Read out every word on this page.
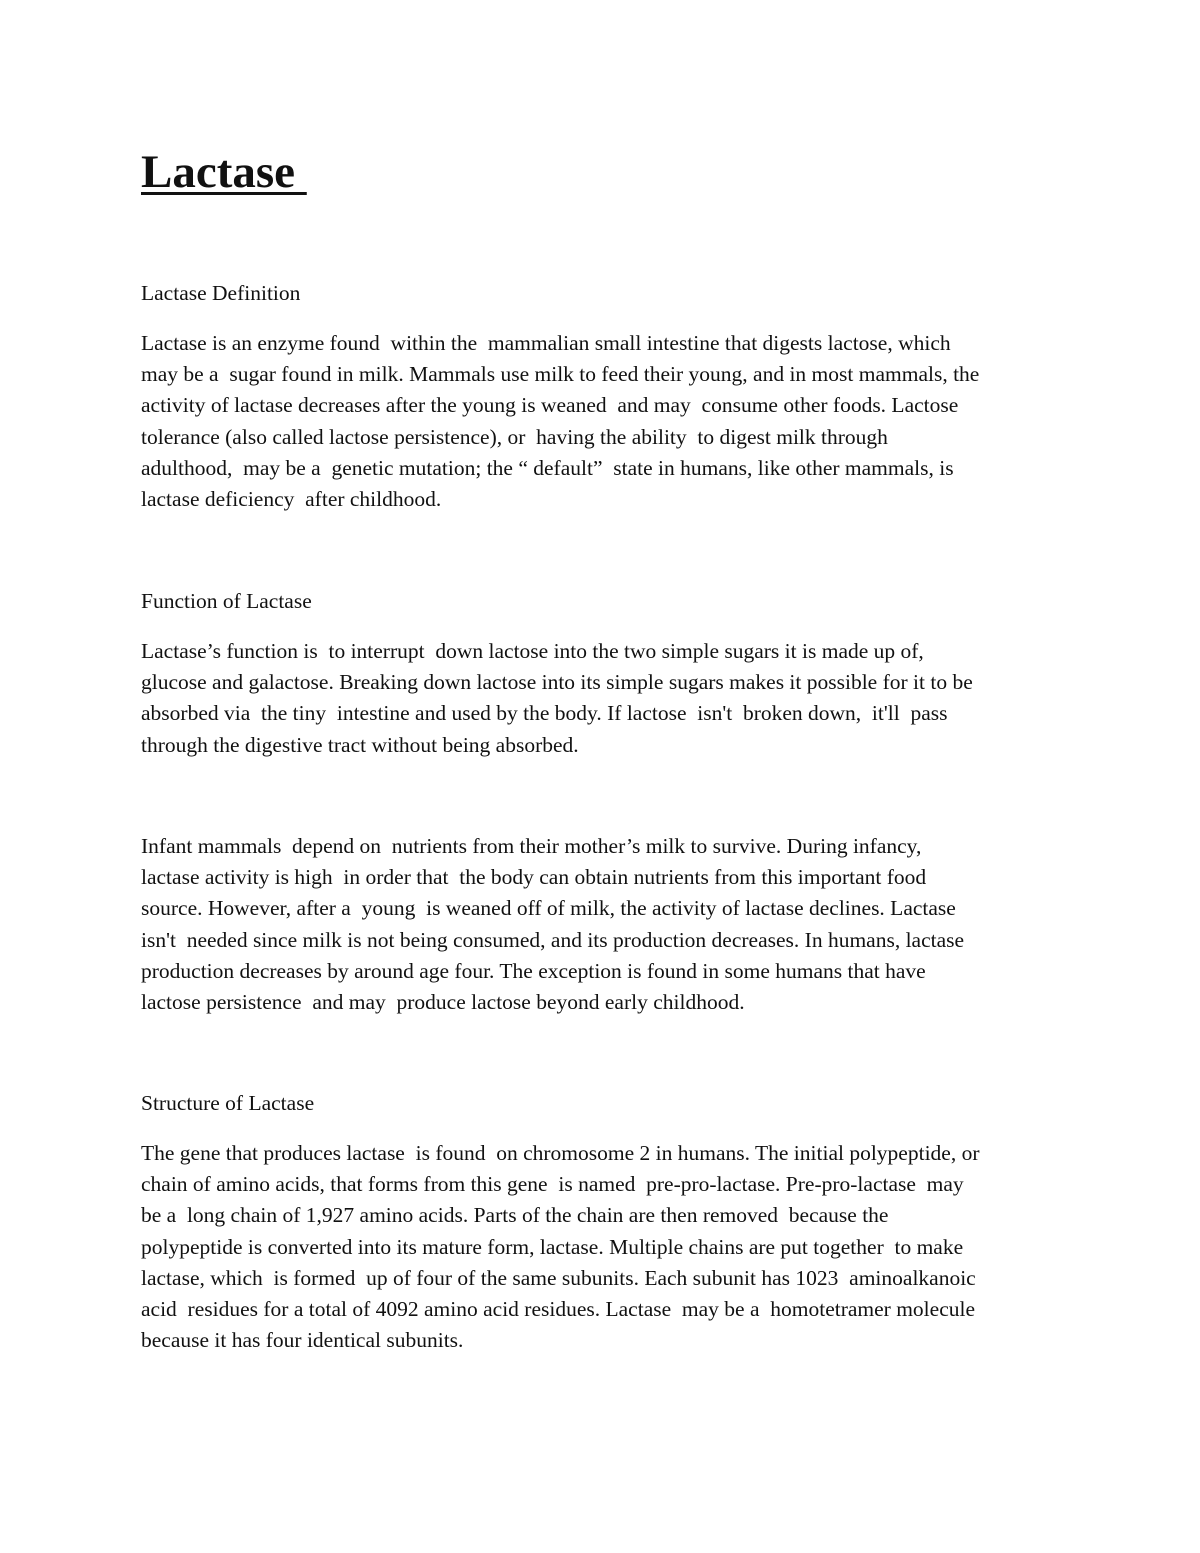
Lactase
Lactase Definition

Lactase is an enzyme found  within the  mammalian small intestine that digests lactose, which
may be a  sugar found in milk. Mammals use milk to feed their young, and in most mammals, the
activity of lactase decreases after the young is weaned  and may  consume other foods. Lactose
tolerance (also called lactose persistence), or  having the ability  to digest milk through
adulthood,  may be a  genetic mutation; the “ default”  state in humans, like other mammals, is
lactase deficiency  after childhood.

Function of Lactase

Lactase’s function is  to interrupt  down lactose into the two simple sugars it is made up of,
glucose and galactose. Breaking down lactose into its simple sugars makes it possible for it to be
absorbed via  the tiny  intestine and used by the body. If lactose  isn't  broken down,  it'll  pass
through the digestive tract without being absorbed.

Infant mammals  depend on  nutrients from their mother’s milk to survive. During infancy,
lactase activity is high  in order that  the body can obtain nutrients from this important food
source. However, after a  young  is weaned off of milk, the activity of lactase declines. Lactase
isn't  needed since milk is not being consumed, and its production decreases. In humans, lactase
production decreases by around age four. The exception is found in some humans that have
lactose persistence  and may  produce lactose beyond early childhood.

Structure of Lactase

The gene that produces lactase  is found  on chromosome 2 in humans. The initial polypeptide, or
chain of amino acids, that forms from this gene  is named  pre-pro-lactase. Pre-pro-lactase  may
be a  long chain of 1,927 amino acids. Parts of the chain are then removed  because the
polypeptide is converted into its mature form, lactase. Multiple chains are put together  to make
lactase, which  is formed  up of four of the same subunits. Each subunit has 1023  aminoalkanoic
acid  residues for a total of 4092 amino acid residues. Lactase  may be a  homotetramer molecule
because it has four identical subunits.
